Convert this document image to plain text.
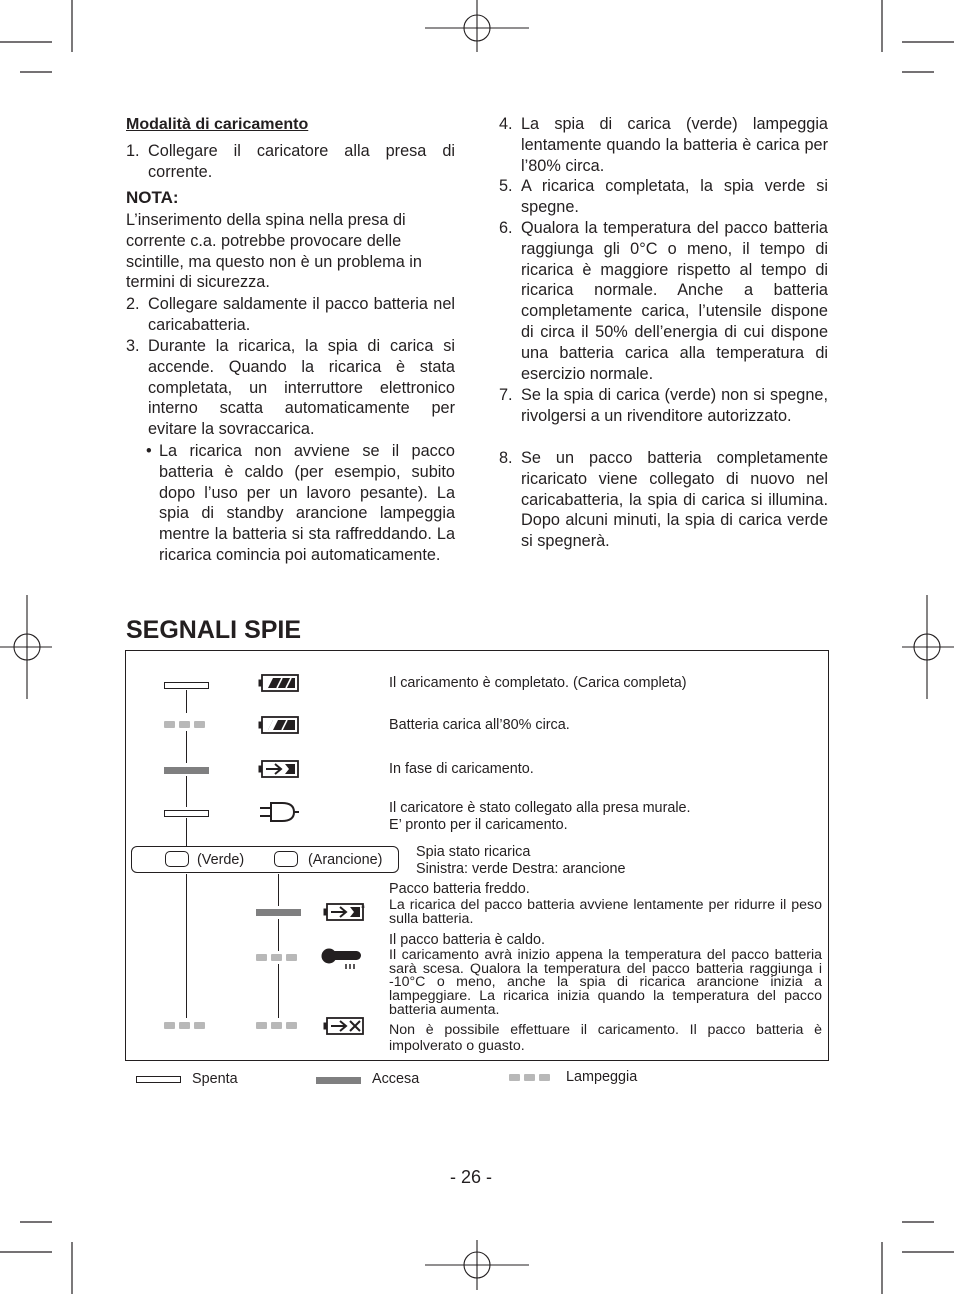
Modalità di caricamento
1. Collegare il caricatore alla presa di corrente.
NOTA:
L’inserimento della spina nella presa di
corrente c.a. potrebbe provocare delle
scintille, ma questo non è un problema in
termini di sicurezza.
2. Collegare saldamente il pacco batteria nel caricabatteria.
3. Durante la ricarica, la spia di carica si accende. Quando la ricarica è stata completata, un interruttore elettronico interno scatta automaticamente per evitare la sovraccarica.
• La ricarica non avviene se il pacco batteria è caldo (per esempio, subito dopo l’uso per un lavoro pesante). La spia di standby arancione lampeggia mentre la batteria si sta raffreddando. La ricarica comincia poi automaticamente.
4. La spia di carica (verde) lampeggia lentamente quando la batteria è carica per l’80% circa.
5. A ricarica completata, la spia verde si spegne.
6. Qualora la temperatura del pacco batteria raggiunga gli 0°C o meno, il tempo di ricarica è maggiore rispetto al tempo di ricarica normale. Anche a batteria completamente carica, l’utensile dispone di circa il 50% dell’energia di cui dispone una batteria carica alla temperatura di esercizio normale.
7. Se la spia di carica (verde) non si spegne, rivolgersi a un rivenditore autorizzato.
8. Se un pacco batteria completamente ricaricato viene collegato di nuovo nel caricabatteria, la spia di carica si illumina. Dopo alcuni minuti, la spia di carica verde si spegnerà.
SEGNALI SPIE
Il caricamento è completato. (Carica completa)
Batteria carica all’80% circa.
In fase di caricamento.
Il caricatore è stato collegato alla presa murale.
E’ pronto per il caricamento.
(Verde)	(Arancione) Spia stato ricarica
Sinistra: verde Destra: arancione
*
Pacco batteria freddo.
La ricarica del pacco batteria avviene lentamente per ridurre il peso sulla batteria.
Il pacco batteria è caldo.
Il caricamento avrà inizio appena la temperatura del pacco batteria sarà scesa. Qualora la temperatura del pacco batteria raggiunga i -10°C o meno, anche la spia di ricarica arancione inizia a lampeggiare. La ricarica inizia quando la temperatura del pacco batteria aumenta.
Non è possibile effettuare il caricamento. Il pacco batteria è impolverato o guasto.
Spenta	Accesa	Lampeggia
- 26 -
